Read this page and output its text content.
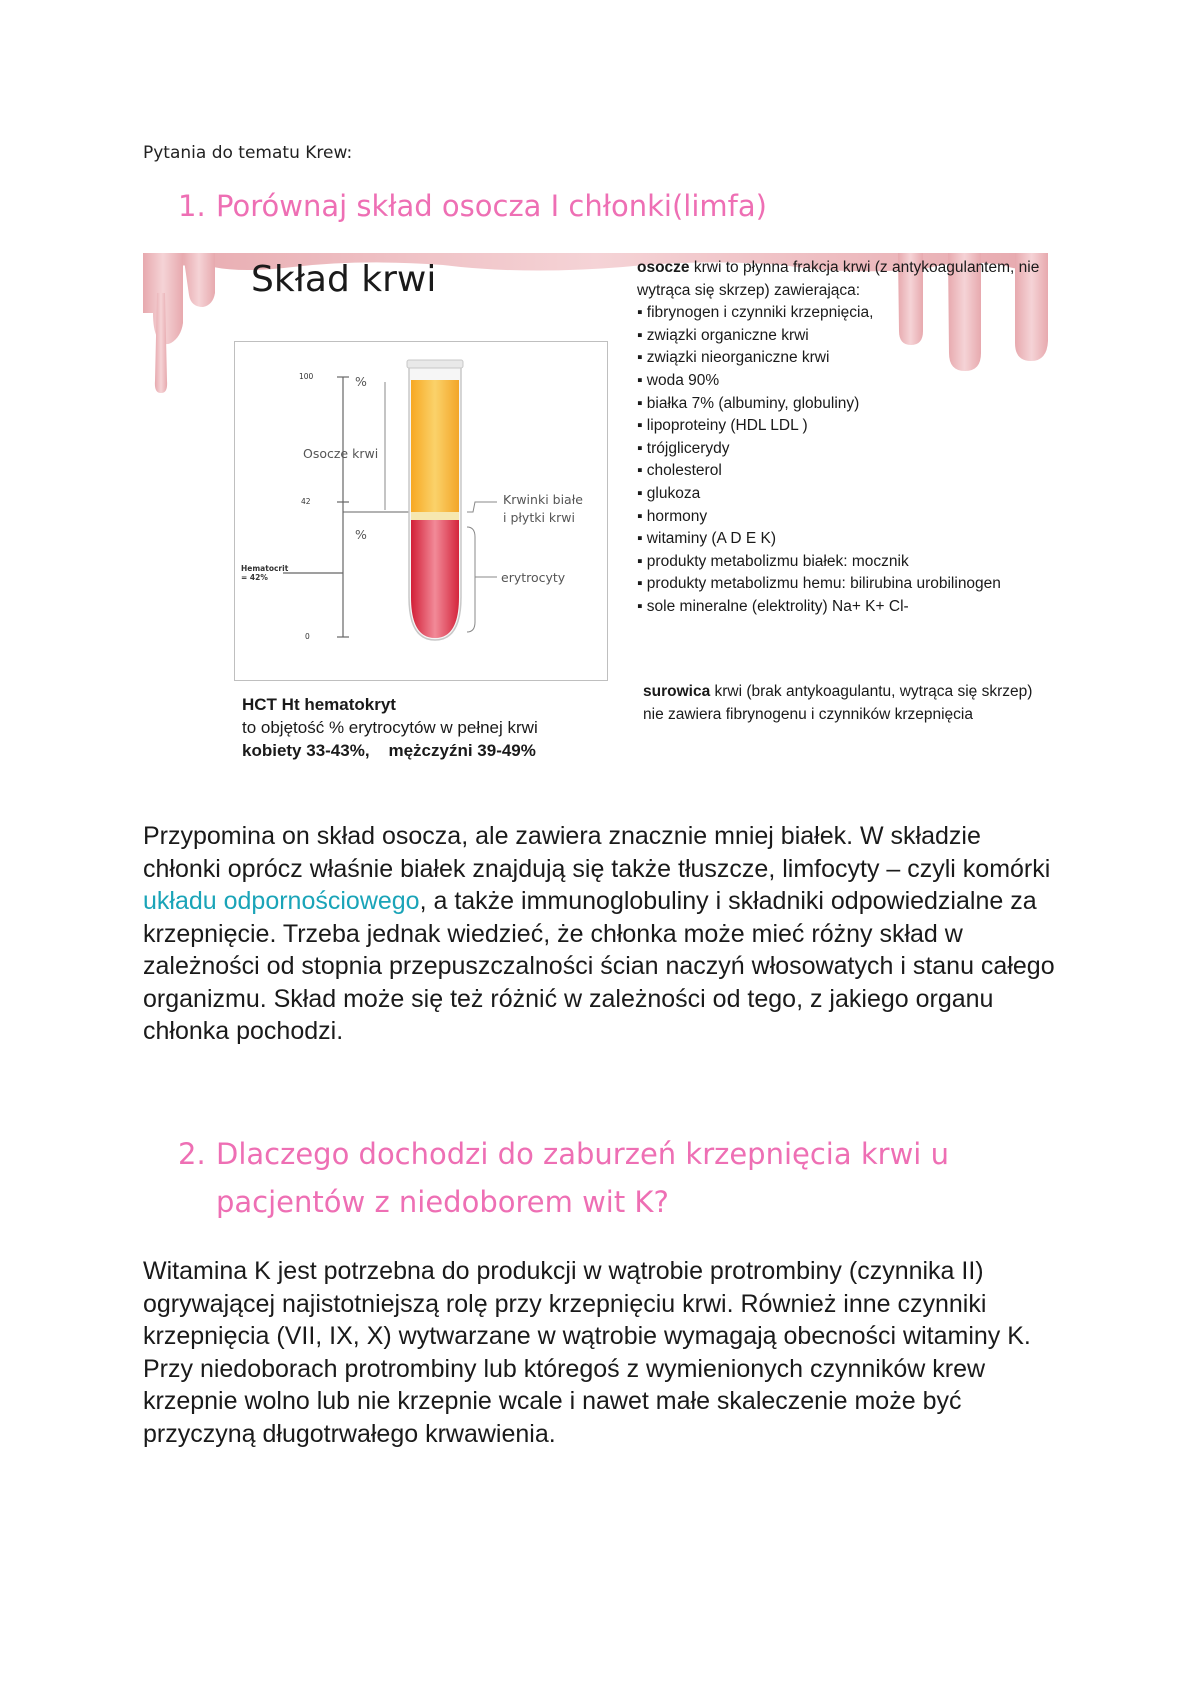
Pytania do tematu Krew:
1. Porównaj skład osocza I chłonki(limfa)
Skład krwi
100
42
0
%
%
Osocze krwi
Krwinki białe
i płytki krwi
erytrocyty
Hematocrit
= 42%
HCT Ht hematokryt
to objętość % erytrocytów w pełnej krwi
kobiety 33-43%, mężczyźni 39-49%
osocze krwi to płynna frakcja krwi (z antykoagulantem, nie wytrąca się skrzep) zawierająca:
▪ fibrynogen i czynniki krzepnięcia,
▪ związki organiczne krwi
▪ związki nieorganiczne krwi
▪ woda 90%
▪ białka 7% (albuminy, globuliny)
▪ lipoproteiny (HDL LDL )
▪ trójglicerydy
▪ cholesterol
▪ glukoza
▪ hormony
▪ witaminy (A D E K)
▪ produkty metabolizmu białek: mocznik
▪ produkty metabolizmu hemu: bilirubina urobilinogen
▪ sole mineralne (elektrolity) Na+ K+ Cl-
surowica krwi (brak antykoagulantu, wytrąca się skrzep) nie zawiera fibrynogenu i czynników krzepnięcia

Przypomina on skład osocza, ale zawiera znacznie mniej białek. W składzie chłonki oprócz właśnie białek znajdują się także tłuszcze, limfocyty – czyli komórki układu odpornościowego, a także immunoglobuliny i składniki odpowiedzialne za krzepnięcie. Trzeba jednak wiedzieć, że chłonka może mieć różny skład w zależności od stopnia przepuszczalności ścian naczyń włosowatych i stanu całego organizmu. Skład może się też różnić w zależności od tego, z jakiego organu chłonka pochodzi.

2. Dlaczego dochodzi do zaburzeń krzepnięcia krwi u pacjentów z niedoborem wit K?

Witamina K jest potrzebna do produkcji w wątrobie protrombiny (czynnika II) ogrywającej najistotniejszą rolę przy krzepnięciu krwi. Również inne czynniki krzepnięcia (VII, IX, X) wytwarzane w wątrobie wymagają obecności witaminy K. Przy niedoborach protrombiny lub któregoś z wymienionych czynników krew krzepnie wolno lub nie krzepnie wcale i nawet małe skaleczenie może być przyczyną długotrwałego krwawienia.
